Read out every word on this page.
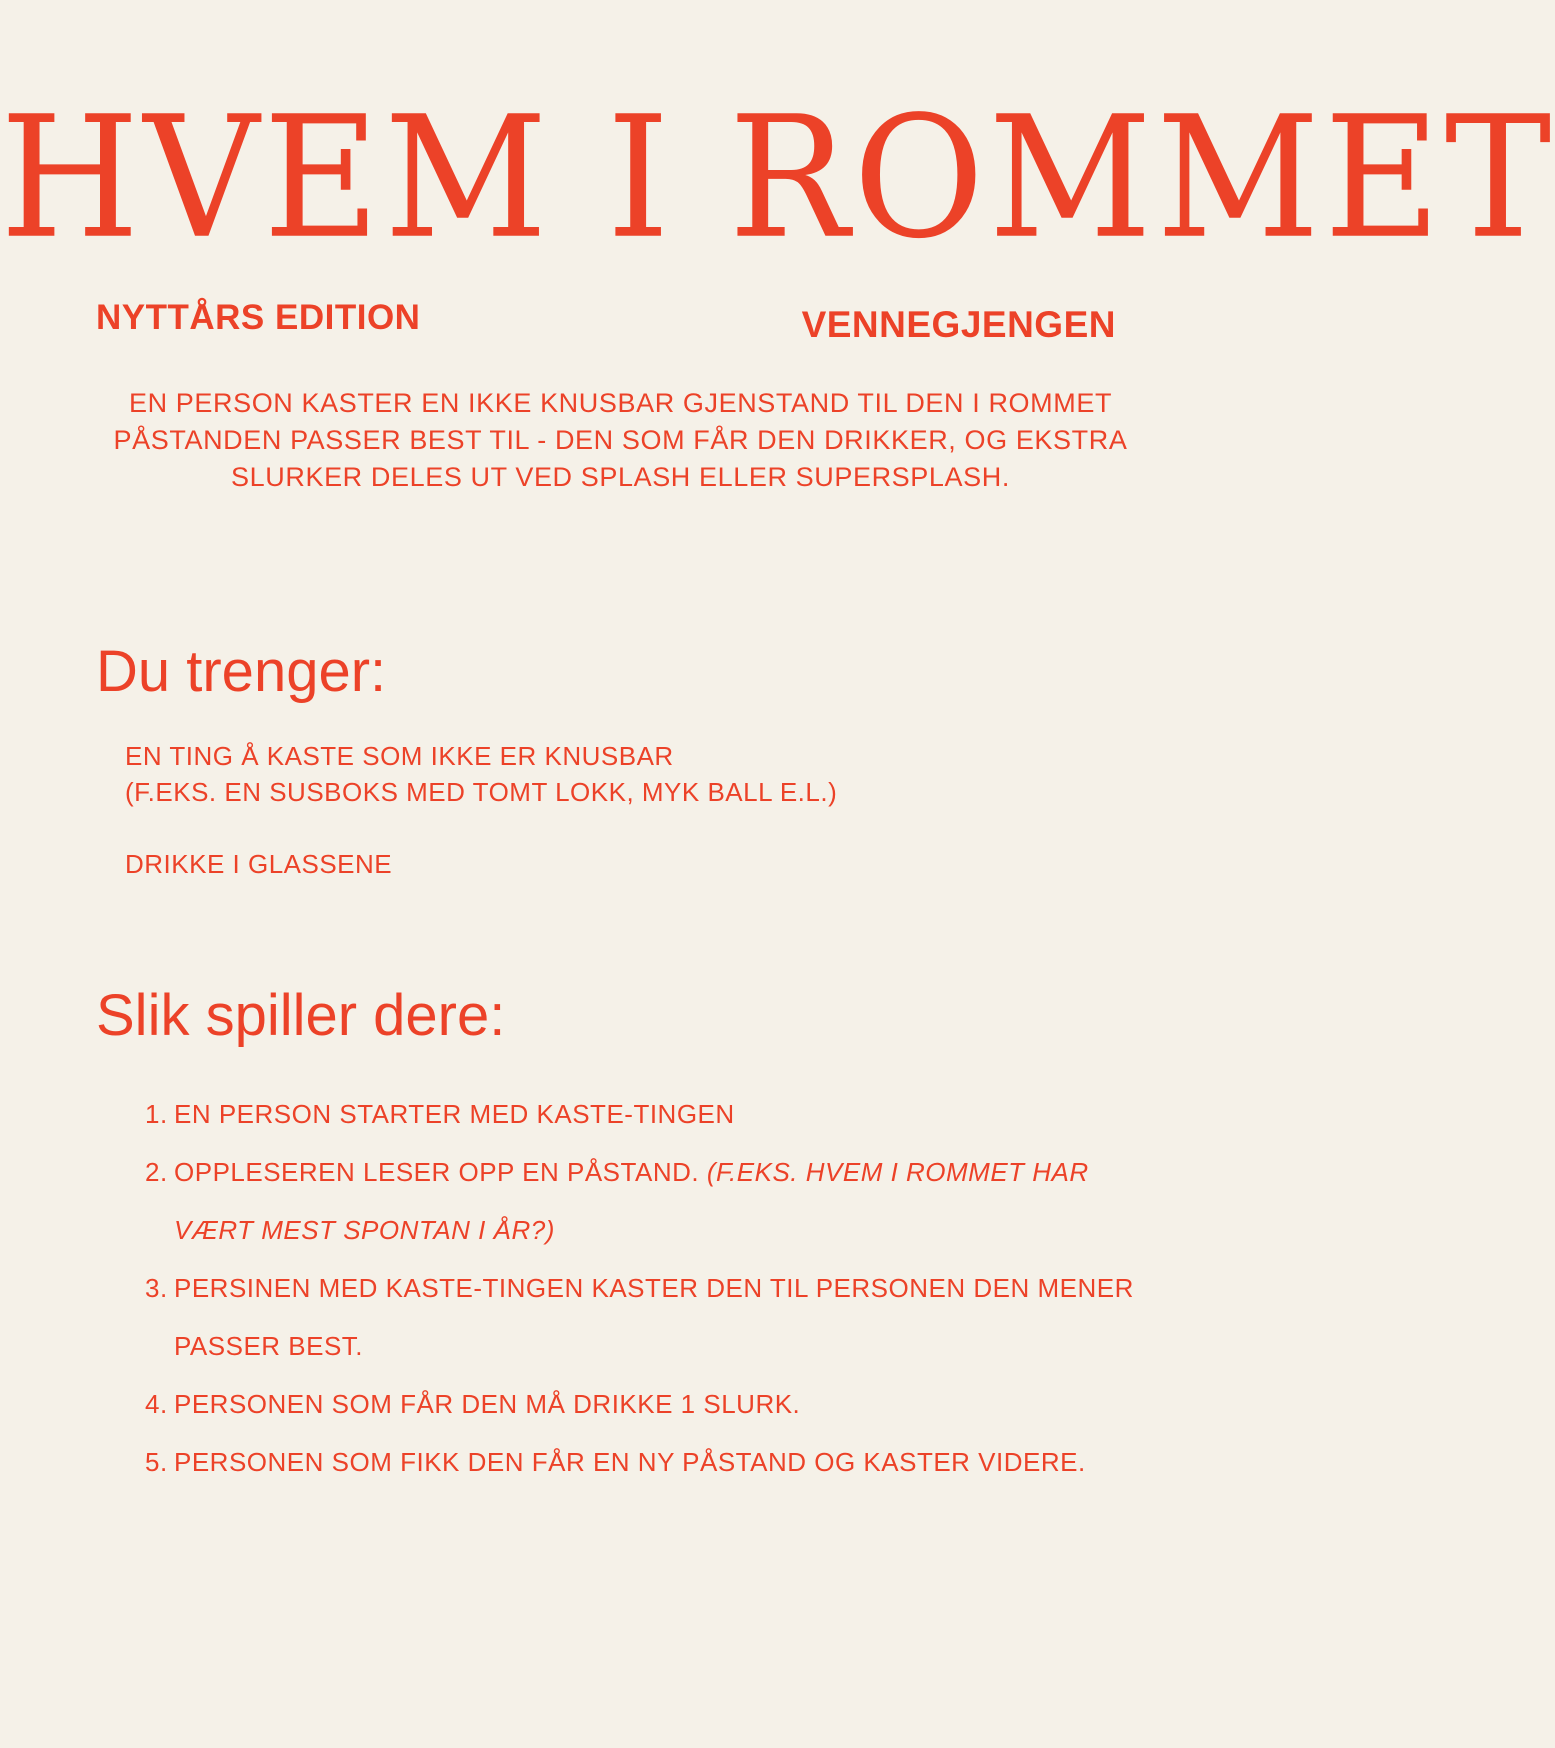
HVEM I ROMMET
NYTTÅRS EDITION	VENNEGJENGEN
EN PERSON KASTER EN IKKE KNUSBAR GJENSTAND TIL DEN I ROMMET PÅSTANDEN PASSER BEST TIL - DEN SOM FÅR DEN DRIKKER, OG EKSTRA SLURKER DELES UT VED SPLASH ELLER SUPERSPLASH.
Du trenger:
EN TING Å KASTE SOM IKKE ER KNUSBAR
(F.EKS. EN SUSBOKS MED TOMT LOKK, MYK BALL E.L.)
DRIKKE I GLASSENE
Slik spiller dere:
1. EN PERSON STARTER MED KASTE-TINGEN
2. OPPLESEREN LESER OPP EN PÅSTAND. (F.EKS. HVEM I ROMMET HAR VÆRT MEST SPONTAN I ÅR?)
3. PERSINEN MED KASTE-TINGEN KASTER DEN TIL PERSONEN DEN MENER PASSER BEST.
4. PERSONEN SOM FÅR DEN MÅ DRIKKE 1 SLURK.
5. PERSONEN SOM FIKK DEN FÅR EN NY PÅSTAND OG KASTER VIDERE.
